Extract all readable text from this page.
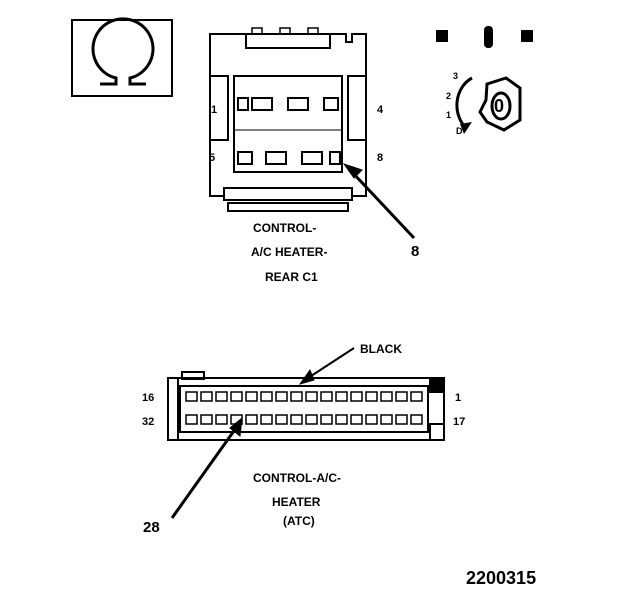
1	4
5	8
CONTROL-
A/C HEATER-
REAR C1
8
3
2
1 0
D
BLACK
16
32
1
17
CONTROL-A/C-
HEATER
(ATC)
28
2200315
